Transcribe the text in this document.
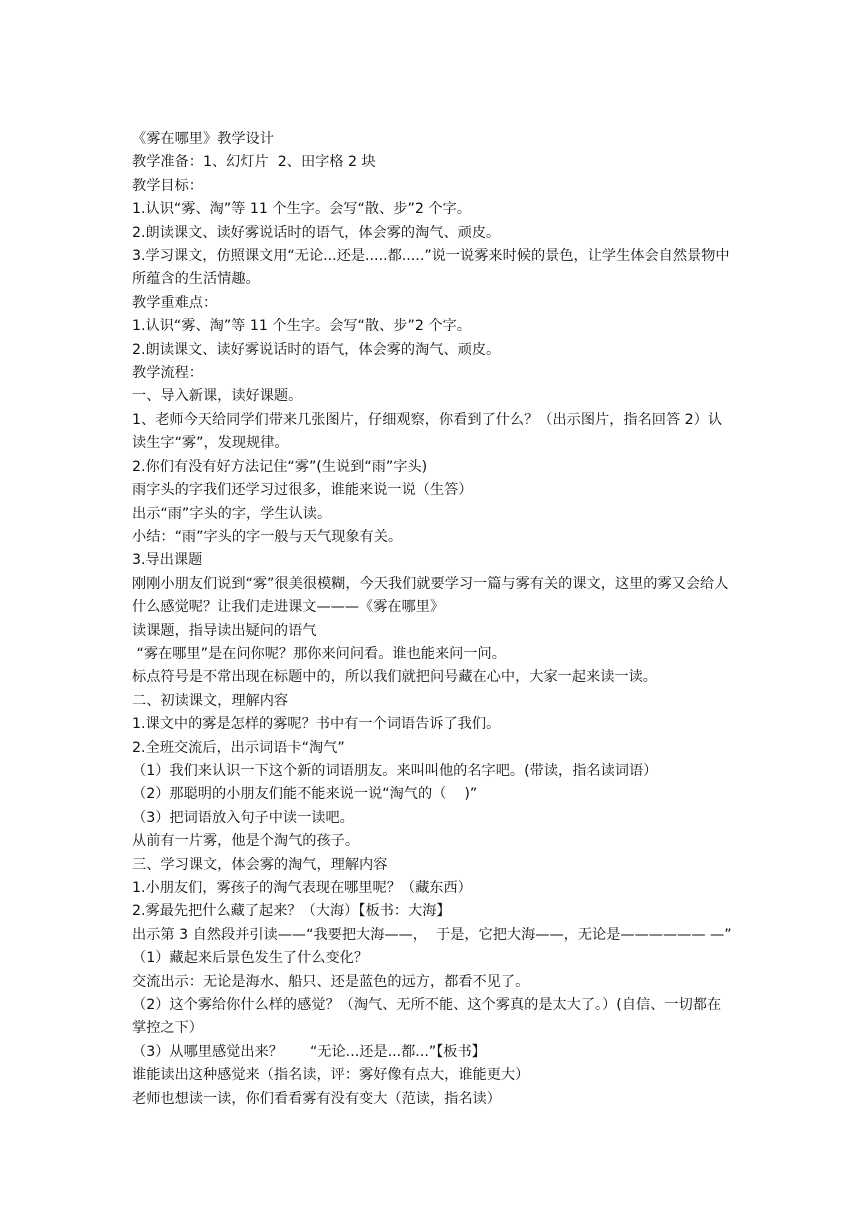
《雾在哪里》教学设计

教学准备：1、幻灯片  2、田字格 2 块

教学目标：

1.认识“雾、淘”等 11 个生字。会写“散、步”2 个字。

2.朗读课文、读好雾说话时的语气，体会雾的淘气、顽皮。

3.学习课文，仿照课文用“无论...还是.....都.....”说一说雾来时候的景色，让学生体会自然景物中所蕴含的生活情趣。

教学重难点：

1.认识“雾、淘”等 11 个生字。会写“散、步”2 个字。

2.朗读课文、读好雾说话时的语气，体会雾的淘气、顽皮。

教学流程：

一、导入新课，读好课题。

1、老师今天给同学们带来几张图片，仔细观察，你看到了什么？（出示图片，指名回答 2）认读生字“雾”，发现规律。

2.你们有没有好方法记住“雾”(生说到“雨”字头)

雨字头的字我们还学习过很多，谁能来说一说（生答）

出示“雨”字头的字，学生认读。

小结：“雨”字头的字一般与天气现象有关。

3.导出课题

刚刚小朋友们说到“雾”很美很模糊，今天我们就要学习一篇与雾有关的课文，这里的雾又会给人什么感觉呢？让我们走进课文———《雾在哪里》

读课题，指导读出疑问的语气

“雾在哪里”是在问你呢？那你来问问看。谁也能来问一问。

标点符号是不常出现在标题中的，所以我们就把问号藏在心中，大家一起来读一读。

二、初读课文，理解内容

1.课文中的雾是怎样的雾呢？书中有一个词语告诉了我们。

2.全班交流后，出示词语卡“淘气”

（1）我们来认识一下这个新的词语朋友。来叫叫他的名字吧。(带读，指名读词语）

（2）那聪明的小朋友们能不能来说一说“淘气的（    )”

（3）把词语放入句子中读一读吧。

从前有一片雾，他是个淘气的孩子。

三、学习课文，体会雾的淘气，理解内容

1.小朋友们，雾孩子的淘气表现在哪里呢？（藏东西）

2.雾最先把什么藏了起来？（大海）【板书：大海】

出示第 3 自然段并引读——“我要把大海——，  于是，它把大海——，无论是—————— —”

（1）藏起来后景色发生了什么变化？

交流出示：无论是海水、船只、还是蓝色的远方，都看不见了。

（2）这个雾给你什么样的感觉？（淘气、无所不能、这个雾真的是太大了。）(自信、一切都在掌控之下）

（3）从哪里感觉出来？      “无论...还是...都...”【板书】

谁能读出这种感觉来（指名读，评：雾好像有点大，谁能更大）

老师也想读一读，你们看看雾有没有变大（范读，指名读）
